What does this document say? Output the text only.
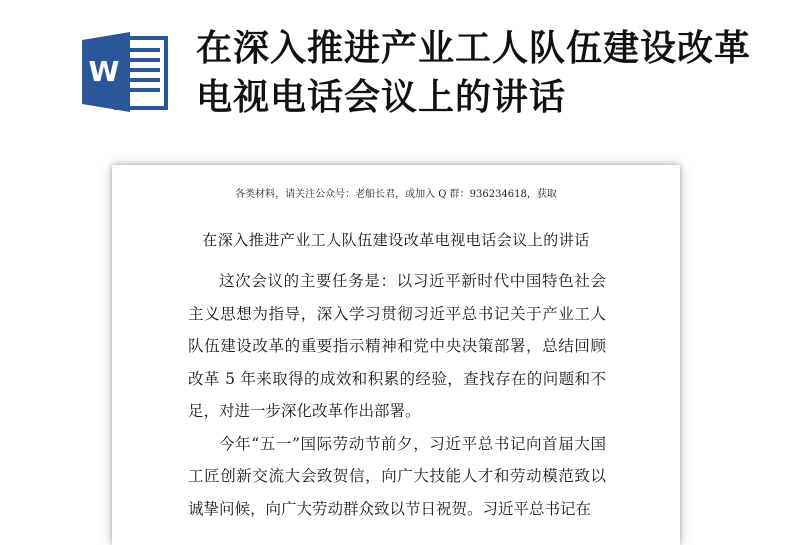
W
在深入推进产业工人队伍建设改革电视电话会议上的讲话

各类材料，请关注公众号：老船长君，或加入 Q 群：936234618，获取

在深入推进产业工人队伍建设改革电视电话会议上的讲话

这次会议的主要任务是：以习近平新时代中国特色社会主义思想为指导，深入学习贯彻习近平总书记关于产业工人队伍建设改革的重要指示精神和党中央决策部署，总结回顾改革 5 年来取得的成效和积累的经验，查找存在的问题和不足，对进一步深化改革作出部署。

今年“五一”国际劳动节前夕，习近平总书记向首届大国工匠创新交流大会致贺信，向广大技能人才和劳动模范致以诚挚问候，向广大劳动群众致以节日祝贺。习近平总书记在
